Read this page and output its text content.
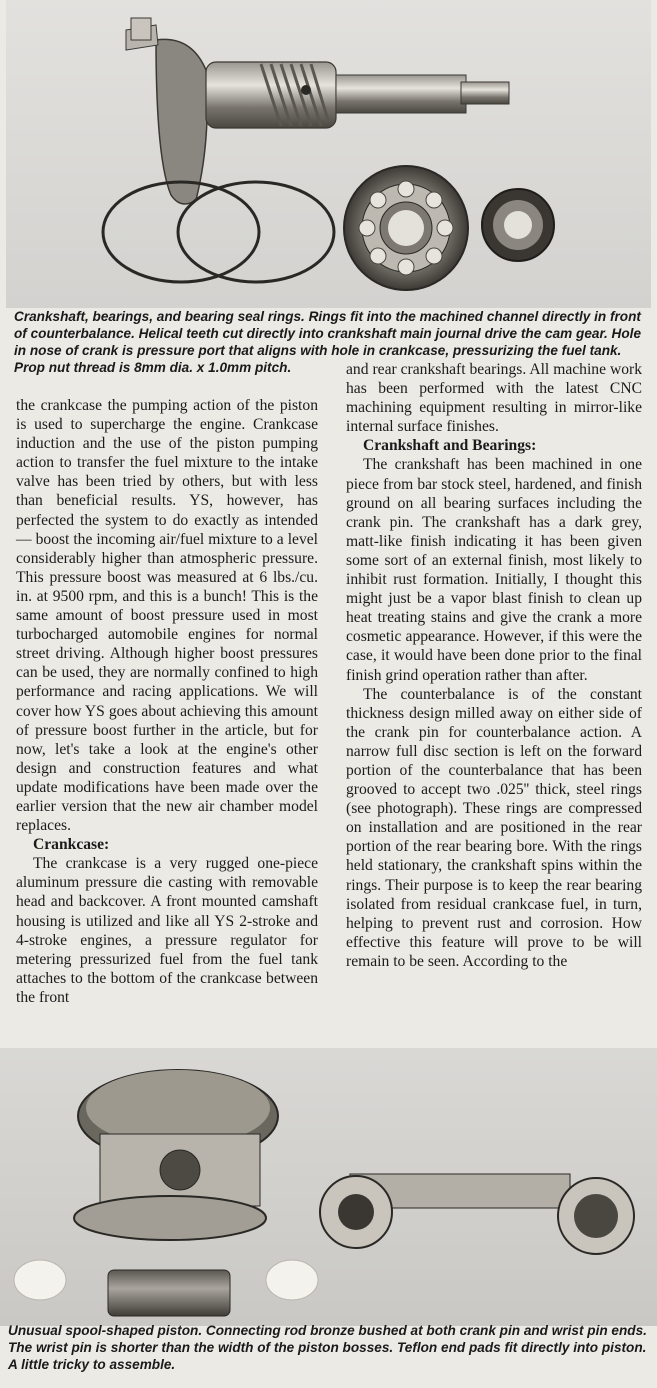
Crankshaft, bearings, and bearing seal rings. Rings fit into the machined channel directly in front of counterbalance. Helical teeth cut directly into crankshaft main journal drive the cam gear. Hole in nose of crank is pressure port that aligns with hole in crankcase, pressurizing the fuel tank. Prop nut thread is 8mm dia. x 1.0mm pitch.

the crankcase the pumping action of the piston is used to supercharge the engine. Crankcase induction and the use of the piston pumping action to transfer the fuel mixture to the intake valve has been tried by others, but with less than beneficial results. YS, however, has perfected the system to do exactly as intended — boost the incoming air/fuel mixture to a level considerably higher than atmospheric pressure. This pressure boost was measured at 6 lbs./cu. in. at 9500 rpm, and this is a bunch! This is the same amount of boost pressure used in most turbocharged automobile engines for normal street driving. Although higher boost pressures can be used, they are normally confined to high performance and racing applications. We will cover how YS goes about achieving this amount of pressure boost further in the article, but for now, let's take a look at the engine's other design and construction features and what update modifications have been made over the earlier version that the new air chamber model replaces.

Crankcase:

The crankcase is a very rugged one-piece aluminum pressure die casting with removable head and backcover. A front mounted camshaft housing is utilized and like all YS 2-stroke and 4-stroke engines, a pressure regulator for metering pressurized fuel from the fuel tank attaches to the bottom of the crankcase between the front

and rear crankshaft bearings. All machine work has been performed with the latest CNC machining equipment resulting in mirror-like internal surface finishes.

Crankshaft and Bearings:

The crankshaft has been machined in one piece from bar stock steel, hardened, and finish ground on all bearing surfaces including the crank pin. The crankshaft has a dark grey, matt-like finish indicating it has been given some sort of an external finish, most likely to inhibit rust formation. Initially, I thought this might just be a vapor blast finish to clean up heat treating stains and give the crank a more cosmetic appearance. However, if this were the case, it would have been done prior to the final finish grind operation rather than after.

The counterbalance is of the constant thickness design milled away on either side of the crank pin for counterbalance action. A narrow full disc section is left on the forward portion of the counterbalance that has been grooved to accept two .025'' thick, steel rings (see photograph). These rings are compressed on installation and are positioned in the rear portion of the rear bearing bore. With the rings held stationary, the crankshaft spins within the rings. Their purpose is to keep the rear bearing isolated from residual crankcase fuel, in turn, helping to prevent rust and corrosion. How effective this feature will prove to be will remain to be seen. According to the

Unusual spool-shaped piston. Connecting rod bronze bushed at both crank pin and wrist pin ends. The wrist pin is shorter than the width of the piston bosses. Teflon end pads fit directly into piston. A little tricky to assemble.
